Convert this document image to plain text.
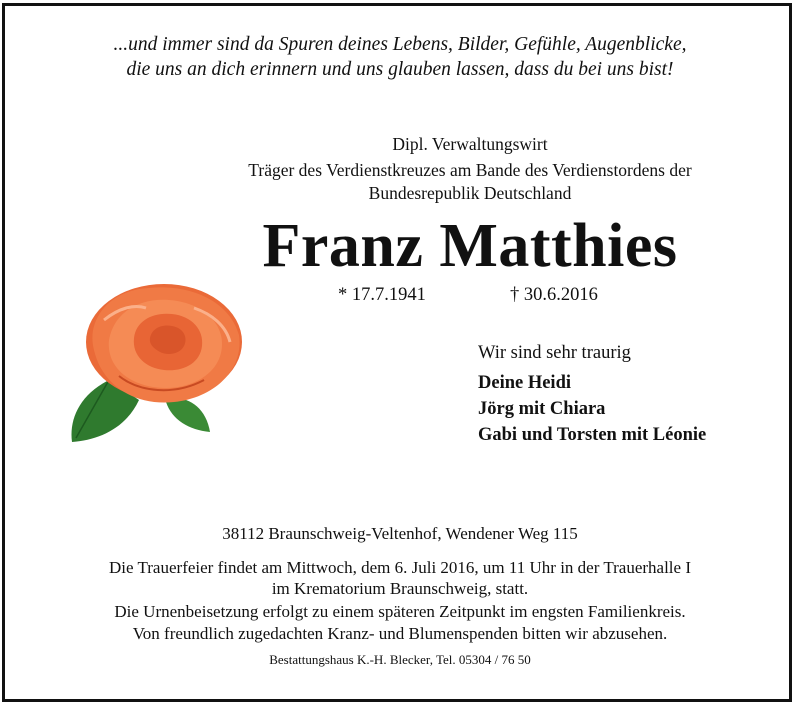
...und immer sind da Spuren deines Lebens, Bilder, Gefühle, Augenblicke,
die uns an dich erinnern und uns glauben lassen, dass du bei uns bist!
Dipl. Verwaltungswirt
Träger des Verdienstkreuzes am Bande des Verdienstordens der
Bundesrepublik Deutschland
Franz Matthies
* 17.7.1941	† 30.6.2016
Wir sind sehr traurig
Deine Heidi
Jörg mit Chiara
Gabi und Torsten mit Léonie
38112 Braunschweig-Veltenhof, Wendener Weg 115
Die Trauerfeier findet am Mittwoch, dem 6. Juli 2016, um 11 Uhr in der Trauerhalle I
im Krematorium Braunschweig, statt.
Die Urnenbeisetzung erfolgt zu einem späteren Zeitpunkt im engsten Familienkreis.
Von freundlich zugedachten Kranz- und Blumenspenden bitten wir abzusehen.
Bestattungshaus K.-H. Blecker, Tel. 05304 / 76 50
